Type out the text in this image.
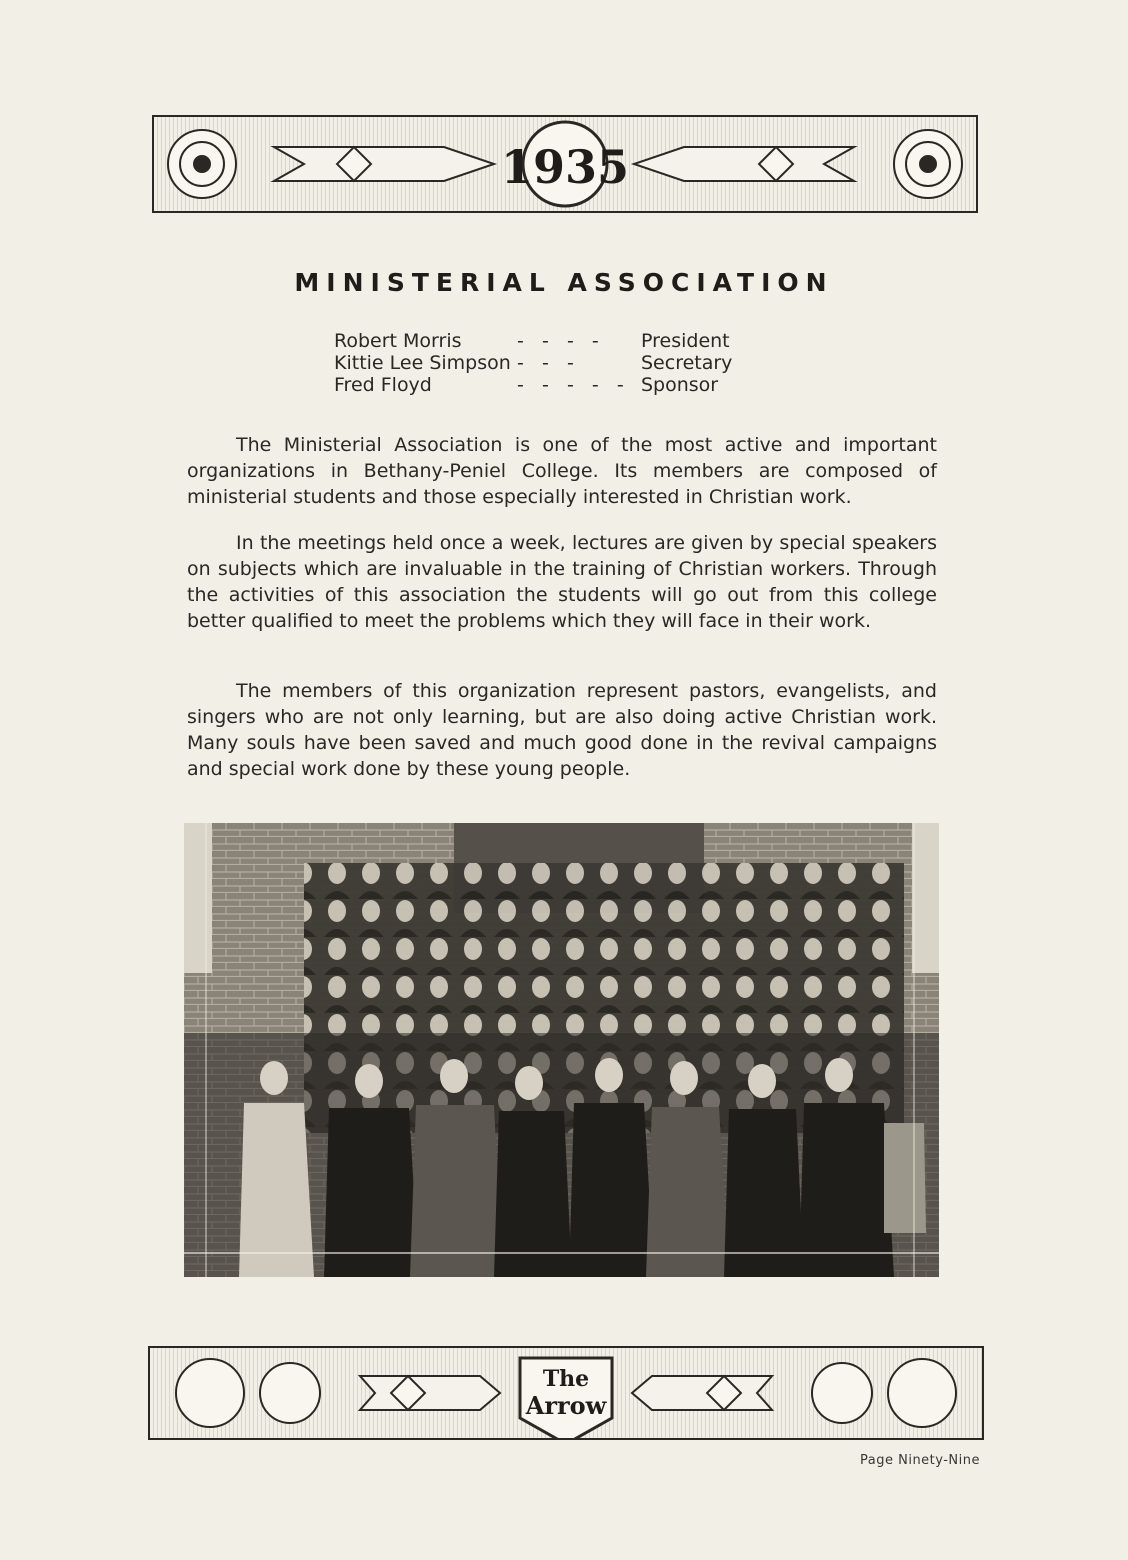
1935
MINISTERIAL ASSOCIATION
Robert Morris	-   -   -   -	President
Kittie Lee Simpson -   -   -	Secretary
Fred Floyd	-   -   -   -   - Sponsor

The Ministerial Association is one of the most active and important organizations in Bethany-Peniel College. Its members are composed of ministerial students and those especially interested in Christian work.

In the meetings held once a week, lectures are given by special speakers on subjects which are invaluable in the training of Christian workers. Through the activities of this association the students will go out from this college better qualified to meet the problems which they will face in their work.

The members of this organization represent pastors, evangelists, and singers who are not only learning, but are also doing active Christian work. Many souls have been saved and much good done in the revival campaigns and special work done by these young people.

The
Arrow
Page Ninety-Nine
